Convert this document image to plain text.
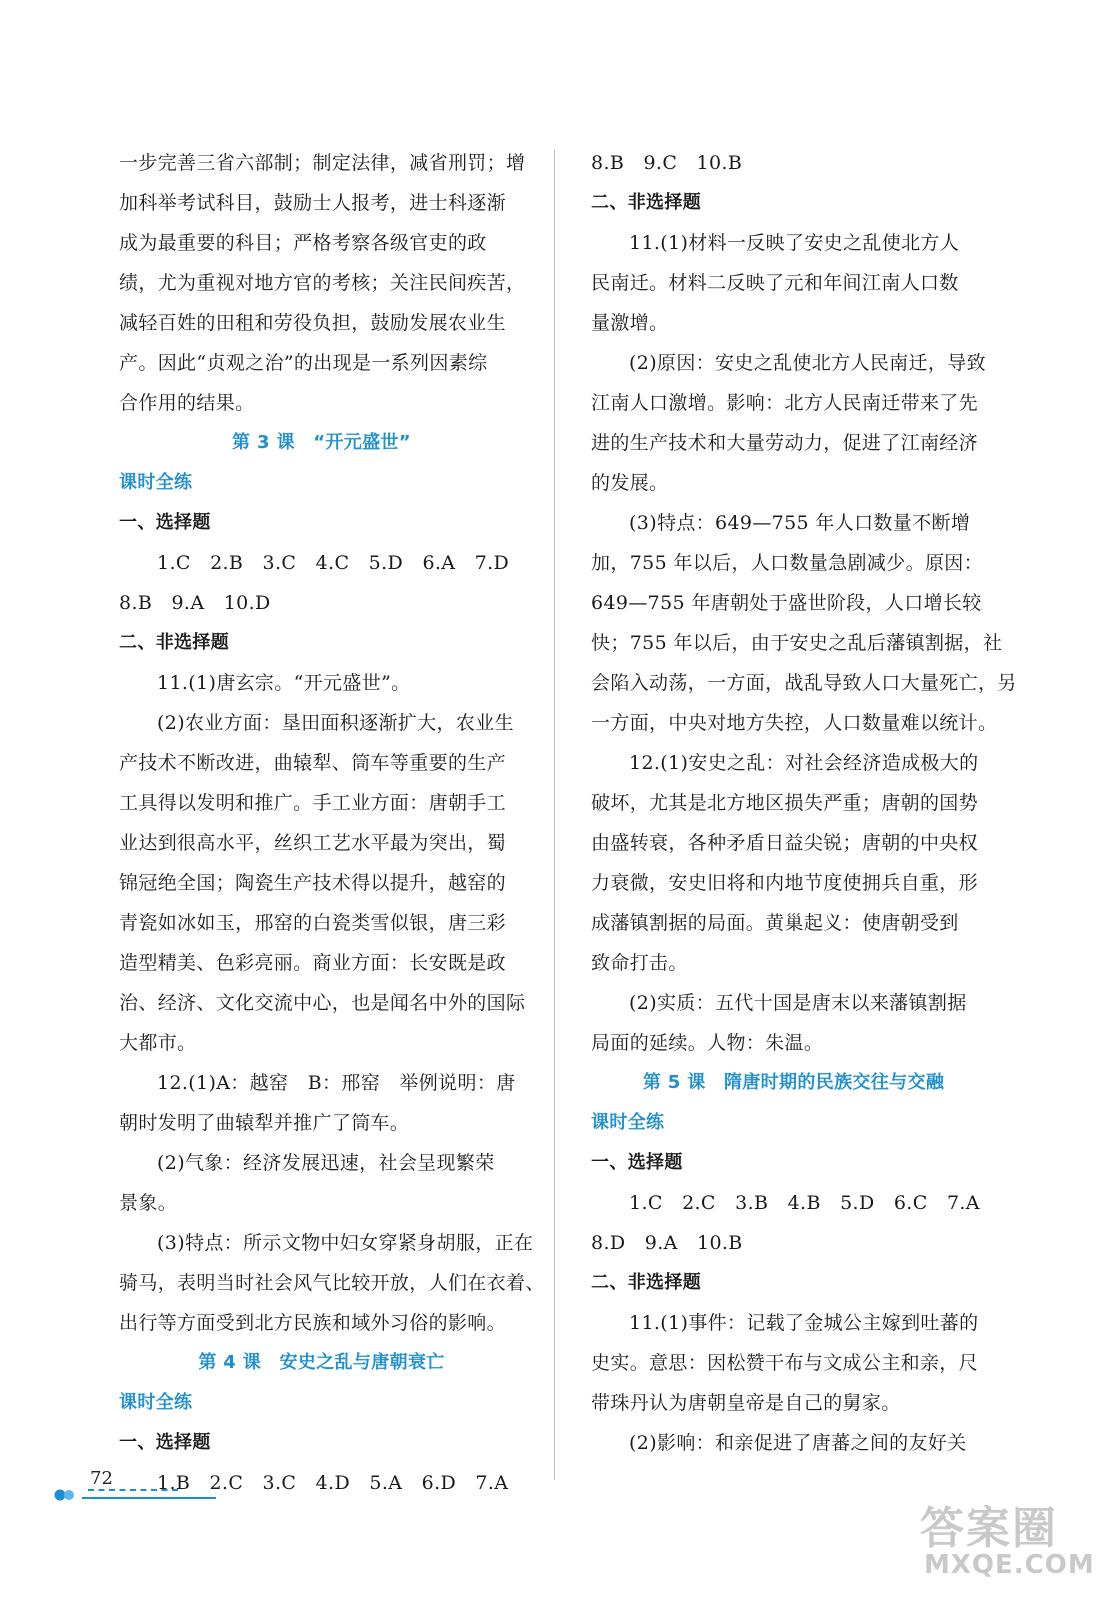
一步完善三省六部制；制定法律，减省刑罚；增
加科举考试科目，鼓励士人报考，进士科逐渐
成为最重要的科目；严格考察各级官吏的政
绩，尤为重视对地方官的考核；关注民间疾苦，
减轻百姓的田租和劳役负担，鼓励发展农业生
产。因此“贞观之治”的出现是一系列因素综
合作用的结果。
第 3 课　“开元盛世”
课时全练
一、选择题
1.C　2.B　3.C　4.C　5.D　6.A　7.D
8.B　9.A　10.D
二、非选择题
11.(1)唐玄宗。“开元盛世”。
(2)农业方面：垦田面积逐渐扩大，农业生
产技术不断改进，曲辕犁、筒车等重要的生产
工具得以发明和推广。手工业方面：唐朝手工
业达到很高水平，丝织工艺水平最为突出，蜀
锦冠绝全国；陶瓷生产技术得以提升，越窑的
青瓷如冰如玉，邢窑的白瓷类雪似银，唐三彩
造型精美、色彩亮丽。商业方面：长安既是政
治、经济、文化交流中心，也是闻名中外的国际
大都市。
12.(1)A：越窑　B：邢窑　举例说明：唐
朝时发明了曲辕犁并推广了筒车。
(2)气象：经济发展迅速，社会呈现繁荣
景象。
(3)特点：所示文物中妇女穿紧身胡服，正在
骑马，表明当时社会风气比较开放，人们在衣着、
出行等方面受到北方民族和域外习俗的影响。
第 4 课　安史之乱与唐朝衰亡
课时全练
一、选择题
1.B　2.C　3.C　4.D　5.A　6.D　7.A
8.B　9.C　10.B
二、非选择题
11.(1)材料一反映了安史之乱使北方人
民南迁。材料二反映了元和年间江南人口数
量激增。
(2)原因：安史之乱使北方人民南迁，导致
江南人口激增。影响：北方人民南迁带来了先
进的生产技术和大量劳动力，促进了江南经济
的发展。
(3)特点：649—755 年人口数量不断增
加，755 年以后，人口数量急剧减少。原因：
649—755 年唐朝处于盛世阶段，人口增长较
快；755 年以后，由于安史之乱后藩镇割据，社
会陷入动荡，一方面，战乱导致人口大量死亡，另
一方面，中央对地方失控，人口数量难以统计。
12.(1)安史之乱：对社会经济造成极大的
破坏，尤其是北方地区损失严重；唐朝的国势
由盛转衰，各种矛盾日益尖锐；唐朝的中央权
力衰微，安史旧将和内地节度使拥兵自重，形
成藩镇割据的局面。黄巢起义：使唐朝受到
致命打击。
(2)实质：五代十国是唐末以来藩镇割据
局面的延续。人物：朱温。
第 5 课　隋唐时期的民族交往与交融
课时全练
一、选择题
1.C　2.C　3.B　4.B　5.D　6.C　7.A
8.D　9.A　10.B
二、非选择题
11.(1)事件：记载了金城公主嫁到吐蕃的
史实。意思：因松赞干布与文成公主和亲，尺
带珠丹认为唐朝皇帝是自己的舅家。
(2)影响：和亲促进了唐蕃之间的友好关
72
答案圈
MXQE.COM
